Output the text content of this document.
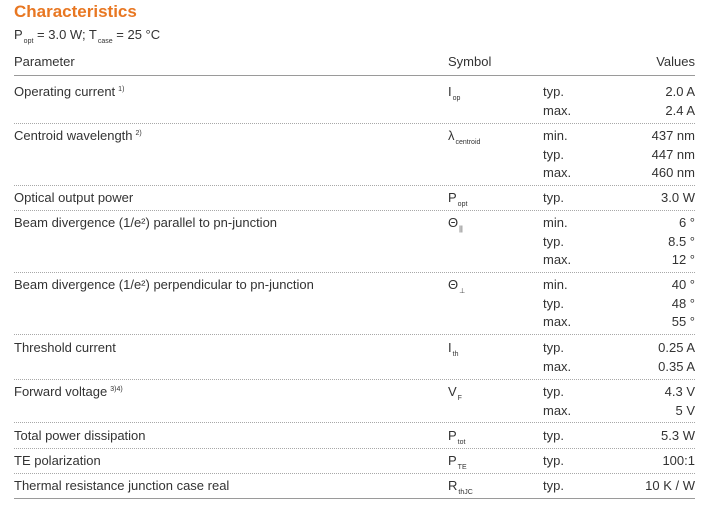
Characteristics
$P_{opt} = 3.0$ W; $T_{case} = 25$ °C
Parameter	Symbol	Values
Operating current $^{1)}$	$I_{op}$	typ.	2.0 A
max.	2.4 A
Centroid wavelength $^{2)}$	$\lambda_{centroid}$	min.	437 nm
typ.	447 nm
max.	460 nm
Optical output power	$P_{opt}$	typ.	3.0 W
Beam divergence (1/e²) parallel to pn-junction	$\Theta_{||}$	min.	6 °
typ.	8.5 °
max.	12 °
Beam divergence (1/e²) perpendicular to pn-junction	$\Theta_\perp$	min.	40 °
typ.	48 °
max.	55 °
Threshold current	$I_{th}$	typ.	0.25 A
max.	0.35 A
Forward voltage $^{3)4)}$	$V_F$	typ.	4.3 V
max.	5 V
Total power dissipation	$P_{tot}$	typ.	5.3 W
TE polarization	$P_{TE}$	typ.	100:1
Thermal resistance junction case real	$R_{thJC}$	typ.	10 K / W
